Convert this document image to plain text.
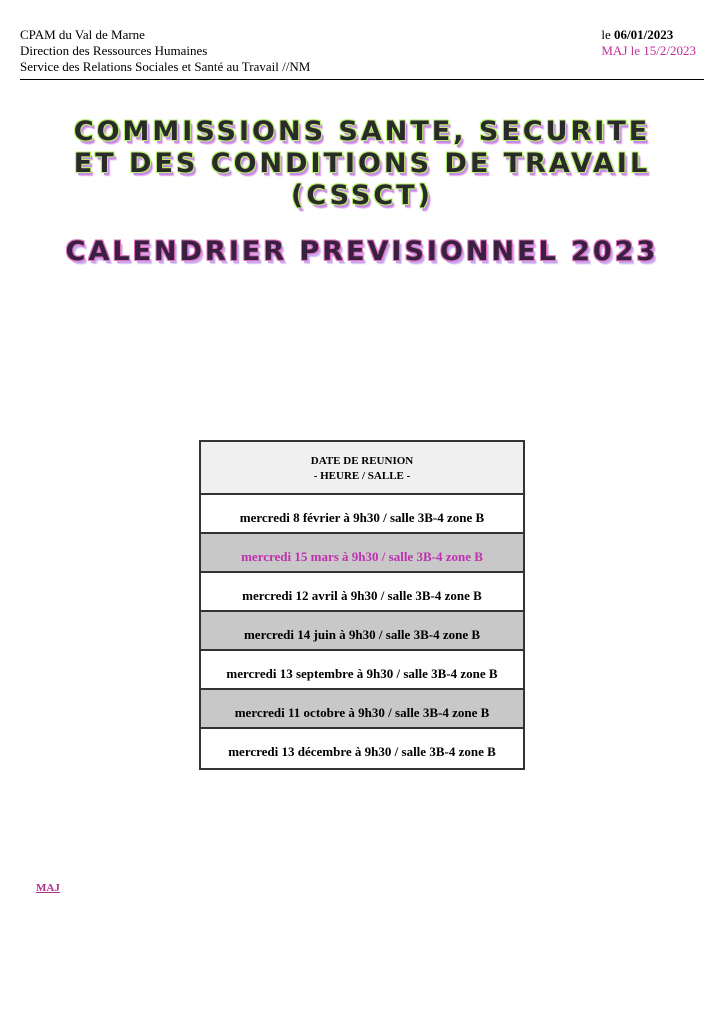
CPAM du Val de Marne
Direction des Ressources Humaines
Service des Relations Sociales et Santé au Travail //NM
le 06/01/2023
MAJ le 15/2/2023
COMMISSIONS SANTE, SECURITE
ET DES CONDITIONS DE TRAVAIL
(CSSCT)
CALENDRIER PREVISIONNEL 2023
DATE DE REUNION
- HEURE / SALLE -
mercredi 8 février à 9h30 / salle 3B-4 zone B
mercredi 15 mars à 9h30 / salle 3B-4 zone B
mercredi 12 avril à 9h30 / salle 3B-4 zone B
mercredi 14 juin à 9h30 / salle 3B-4 zone B
mercredi 13 septembre à 9h30 / salle 3B-4 zone B
mercredi 11 octobre à 9h30 / salle 3B-4 zone B
mercredi 13 décembre à 9h30 / salle 3B-4 zone B
MAJ
